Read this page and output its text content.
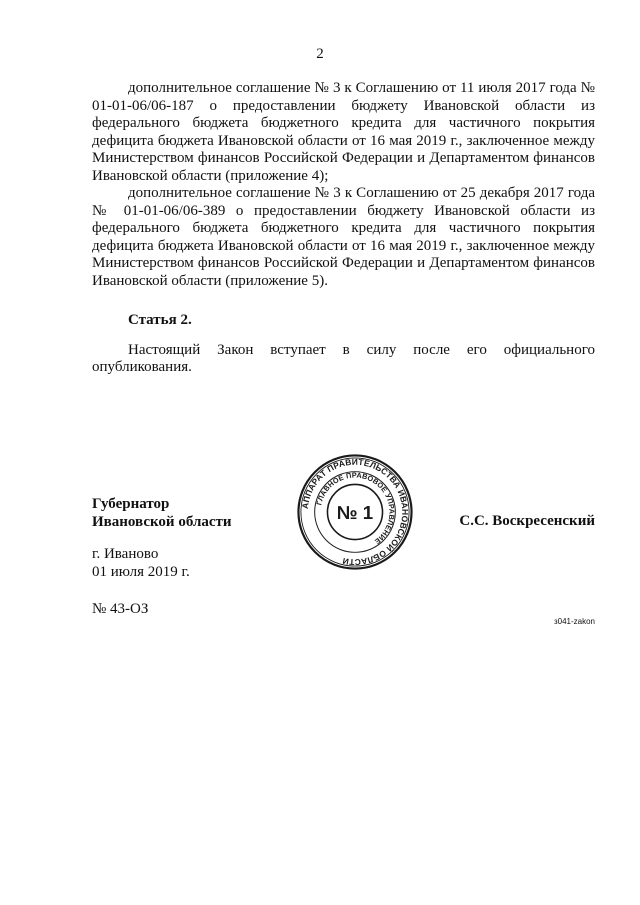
2

дополнительное соглашение № 3 к Соглашению от 11 июля 2017 года № 01-01-06/06-187 о предоставлении бюджету Ивановской области из федерального бюджета бюджетного кредита для частичного покрытия дефицита бюджета Ивановской области от 16 мая 2019 г., заключенное между Министерством финансов Российской Федерации и Департаментом финансов Ивановской области (приложение 4);

дополнительное соглашение № 3 к Соглашению от 25 декабря 2017 года № 01-01-06/06-389 о предоставлении бюджету Ивановской области из федерального бюджета бюджетного кредита для частичного покрытия дефицита бюджета Ивановской области от 16 мая 2019 г., заключенное между Министерством финансов Российской Федерации и Департаментом финансов Ивановской области (приложение 5).

Статья 2.

Настоящий Закон вступает в силу после его официального опубликования.

Губернатор
Ивановской области	С.С. Воскресенский
г. Иваново
01 июля 2019 г.
№ 43-ОЗ
з041-zakon
АППАРАТ ПРАВИТЕЛЬСТВА ИВАНОВСКОЙ ОБЛАСТИ
ГЛАВНОЕ ПРАВОВОЕ УПРАВЛЕНИЕ
№ 1
